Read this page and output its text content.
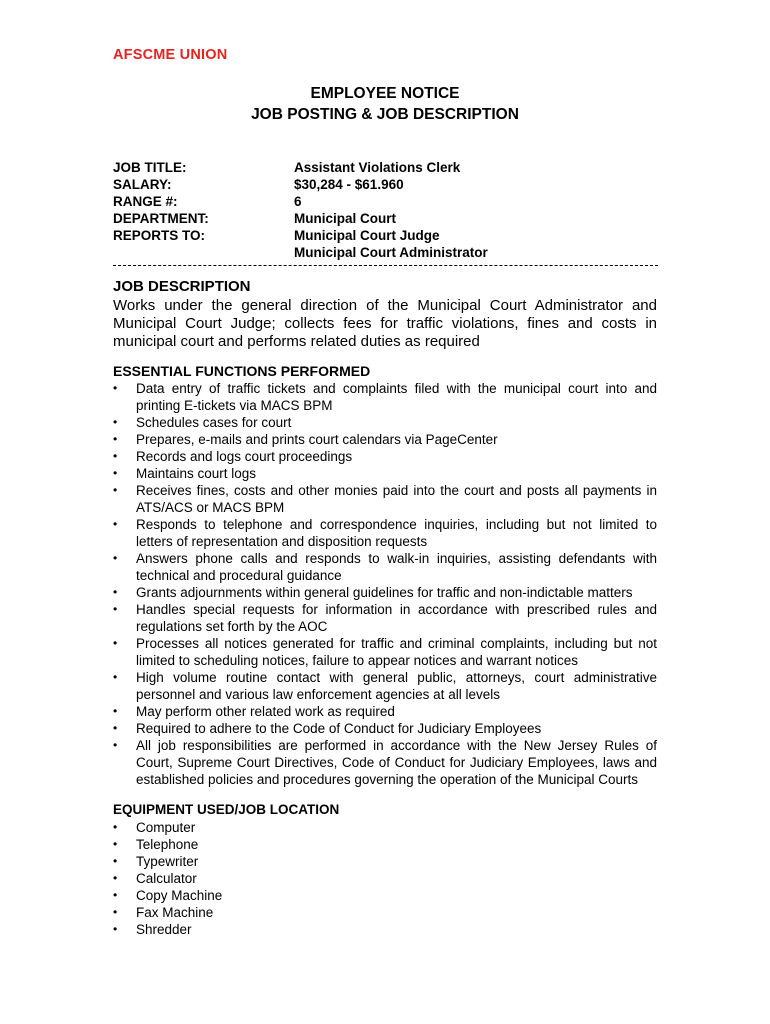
AFSCME UNION
EMPLOYEE NOTICE
JOB POSTING & JOB DESCRIPTION
JOB TITLE:	Assistant Violations Clerk
SALARY:	$30,284 - $61.960
RANGE #:	6
DEPARTMENT:	Municipal Court
REPORTS TO:	Municipal Court Judge
Municipal Court Administrator
JOB DESCRIPTION

Works under the general direction of the Municipal Court Administrator and Municipal Court Judge; collects fees for traffic violations, fines and costs in municipal court and performs related duties as required

ESSENTIAL FUNCTIONS PERFORMED
• Data entry of traffic tickets and complaints filed with the municipal court into and printing E-tickets via MACS BPM
• Schedules cases for court
• Prepares, e-mails and prints court calendars via PageCenter
• Records and logs court proceedings
• Maintains court logs
• Receives fines, costs and other monies paid into the court and posts all payments in ATS/ACS or MACS BPM
• Responds to telephone and correspondence inquiries, including but not limited to letters of representation and disposition requests
• Answers phone calls and responds to walk-in inquiries, assisting defendants with technical and procedural guidance
• Grants adjournments within general guidelines for traffic and non-indictable matters
• Handles special requests for information in accordance with prescribed rules and regulations set forth by the AOC
• Processes all notices generated for traffic and criminal complaints, including but not limited to scheduling notices, failure to appear notices and warrant notices
• High volume routine contact with general public, attorneys, court administrative personnel and various law enforcement agencies at all levels
• May perform other related work as required
• Required to adhere to the Code of Conduct for Judiciary Employees
• All job responsibilities are performed in accordance with the New Jersey Rules of Court, Supreme Court Directives, Code of Conduct for Judiciary Employees, laws and established policies and procedures governing the operation of the Municipal Courts
EQUIPMENT USED/JOB LOCATION
• Computer
• Telephone
• Typewriter
• Calculator
• Copy Machine
• Fax Machine
• Shredder
